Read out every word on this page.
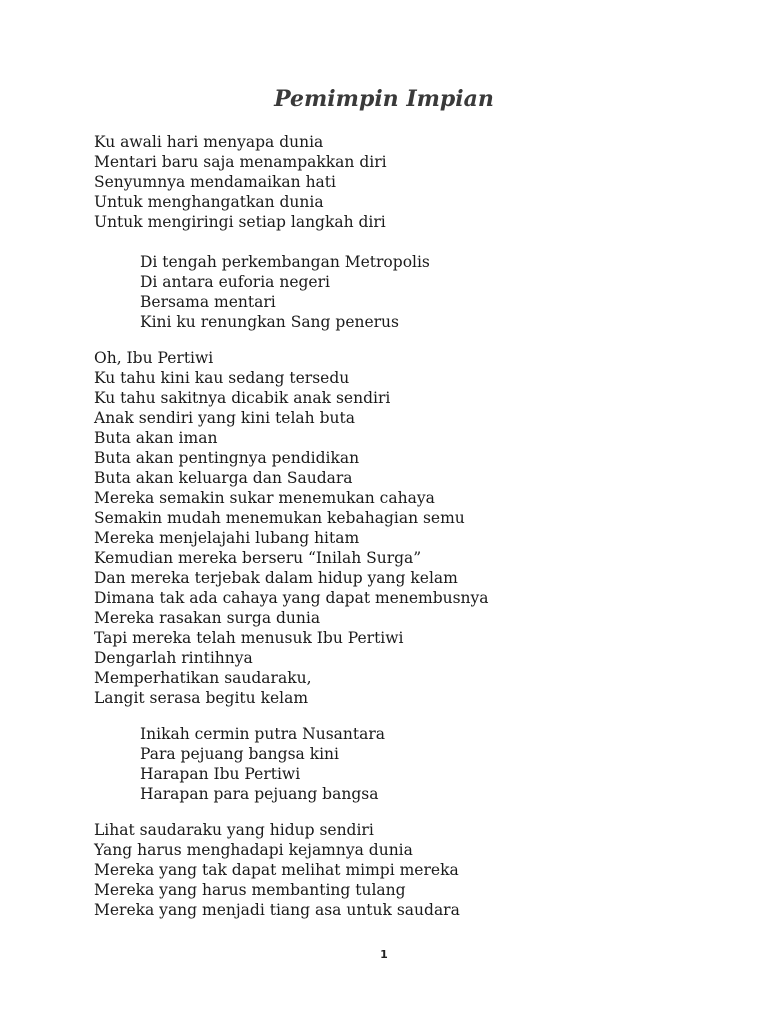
Pemimpin Impian
Ku awali hari menyapa dunia
Mentari baru saja menampakkan diri
Senyumnya mendamaikan hati
Untuk menghangatkan dunia
Untuk mengiringi setiap langkah diri
Di tengah perkembangan Metropolis
Di antara euforia negeri
Bersama mentari
Kini ku renungkan Sang penerus
Oh, Ibu Pertiwi
Ku tahu kini kau sedang tersedu
Ku tahu sakitnya dicabik anak sendiri
Anak sendiri yang kini telah buta
Buta akan iman
Buta akan pentingnya pendidikan
Buta akan keluarga dan Saudara
Mereka semakin sukar menemukan cahaya
Semakin mudah menemukan kebahagian semu
Mereka menjelajahi lubang hitam
Kemudian mereka berseru “Inilah Surga”
Dan mereka terjebak dalam hidup yang kelam
Dimana tak ada cahaya yang dapat menembusnya
Mereka rasakan surga dunia
Tapi mereka telah menusuk Ibu Pertiwi
Dengarlah rintihnya
Memperhatikan saudaraku,
Langit serasa begitu kelam
Inikah cermin putra Nusantara
Para pejuang bangsa kini
Harapan Ibu Pertiwi
Harapan para pejuang bangsa
Lihat saudaraku yang hidup sendiri
Yang harus menghadapi kejamnya dunia
Mereka yang tak dapat melihat mimpi mereka
Mereka yang harus membanting tulang
Mereka yang menjadi tiang asa untuk saudara
1
